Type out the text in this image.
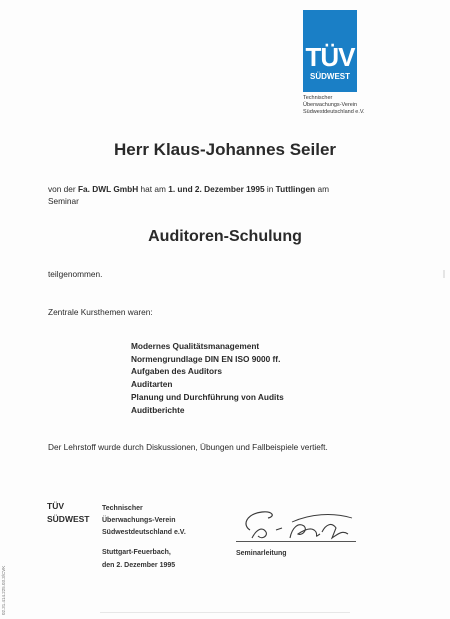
TÜV
SÜDWEST
Technischer
Überwachungs-Verein
Südwestdeutschland e.V.
Herr Klaus-Johannes Seiler
von der Fa. DWL GmbH hat am 1. und 2. Dezember 1995 in Tuttlingen am
Seminar
Auditoren-Schulung
teilgenommen.
Zentrale Kursthemen waren:
Modernes Qualitätsmanagement
Normengrundlage DIN EN ISO 9000 ff.
Aufgaben des Auditors
Auditarten
Planung und Durchführung von Audits
Auditberichte
Der Lehrstoff wurde durch Diskussionen, Übungen und Fallbeispiele vertieft.
TÜV
SÜDWEST
Technischer
Überwachungs-Verein
Südwestdeutschland e.V.
Stuttgart-Feuerbach,
den 2. Dezember 1995
Seminarleitung
02.31.414.225.03.3/CVK
